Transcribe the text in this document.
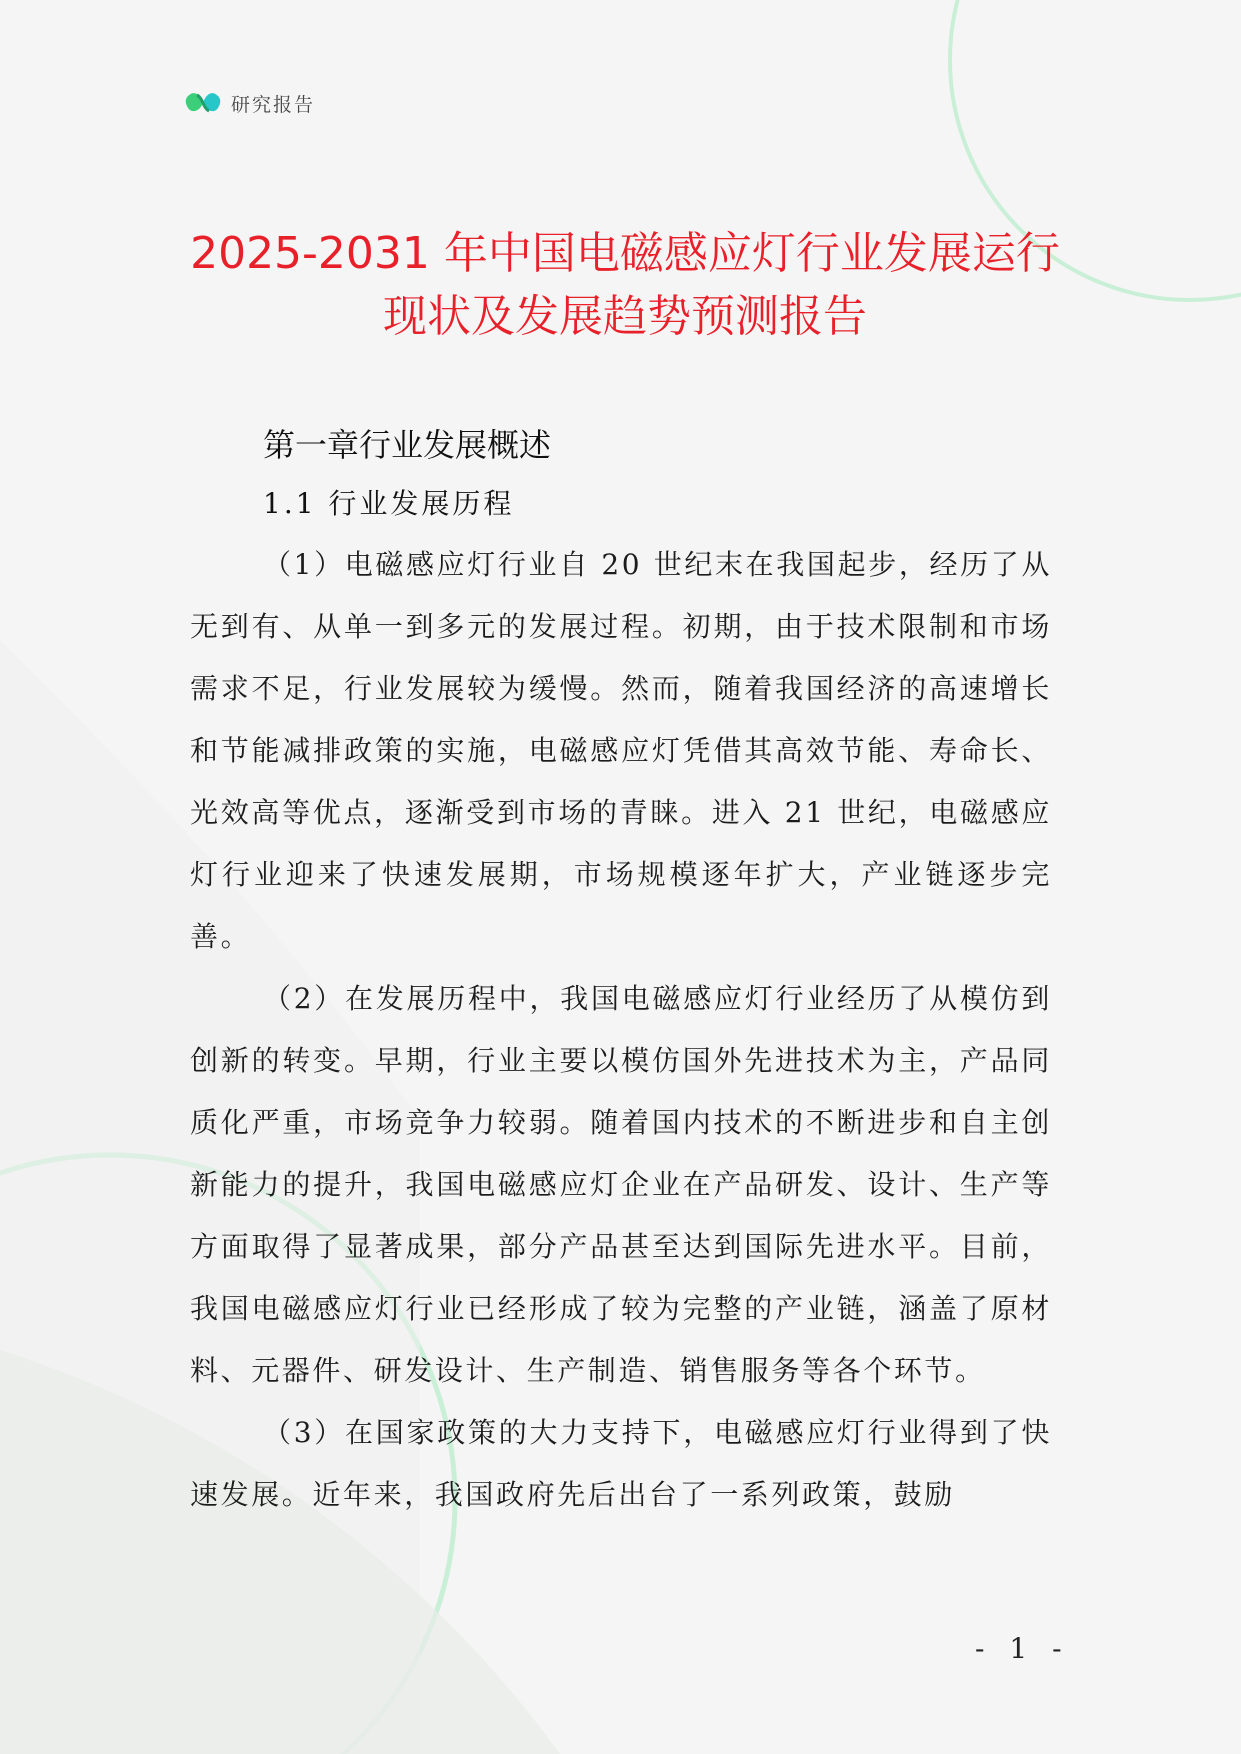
研究报告
2025-2031 年中国电磁感应灯行业发展运行
现状及发展趋势预测报告
第一章行业发展概述
1.1 行业发展历程

（1）电磁感应灯行业自 20 世纪末在我国起步，经历了从无到有、从单一到多元的发展过程。初期，由于技术限制和市场需求不足，行业发展较为缓慢。然而，随着我国经济的高速增长和节能减排政策的实施，电磁感应灯凭借其高效节能、寿命长、光效高等优点，逐渐受到市场的青睐。进入 21 世纪，电磁感应灯行业迎来了快速发展期，市场规模逐年扩大，产业链逐步完善。

（2）在发展历程中，我国电磁感应灯行业经历了从模仿到创新的转变。早期，行业主要以模仿国外先进技术为主，产品同质化严重，市场竞争力较弱。随着国内技术的不断进步和自主创新能力的提升，我国电磁感应灯企业在产品研发、设计、生产等方面取得了显著成果，部分产品甚至达到国际先进水平。目前，我国电磁感应灯行业已经形成了较为完整的产业链，涵盖了原材料、元器件、研发设计、生产制造、销售服务等各个环节。

（3）在国家政策的大力支持下，电磁感应灯行业得到了快速发展。近年来，我国政府先后出台了一系列政策，鼓励

- 1 -
